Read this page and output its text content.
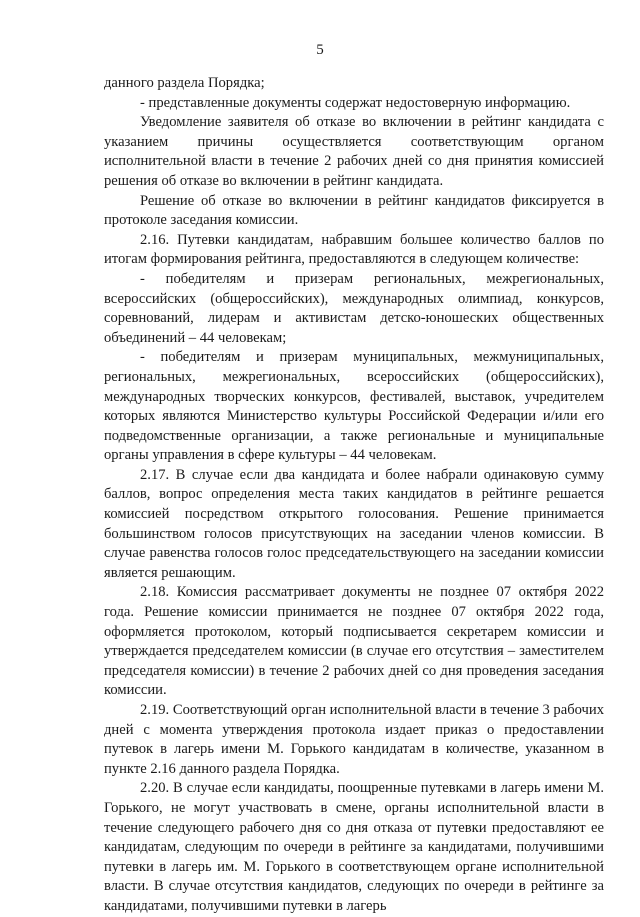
5

данного раздела Порядка;

- представленные документы содержат недостоверную информацию.

Уведомление заявителя об отказе во включении в рейтинг кандидата с указанием причины осуществляется соответствующим органом исполнительной власти в течение 2 рабочих дней со дня принятия комиссией решения об отказе во включении в рейтинг кандидата.

Решение об отказе во включении в рейтинг кандидатов фиксируется в протоколе заседания комиссии.

2.16. Путевки кандидатам, набравшим большее количество баллов по итогам формирования рейтинга, предоставляются в следующем количестве:

- победителям и призерам региональных, межрегиональных, всероссийских (общероссийских), международных олимпиад, конкурсов, соревнований, лидерам и активистам детско-юношеских общественных объединений – 44 человекам;

- победителям и призерам муниципальных, межмуниципальных, региональных, межрегиональных, всероссийских (общероссийских), международных творческих конкурсов, фестивалей, выставок, учредителем которых являются Министерство культуры Российской Федерации и/или его подведомственные организации, а также региональные и муниципальные органы управления в сфере культуры – 44 человекам.

2.17. В случае если два кандидата и более набрали одинаковую сумму баллов, вопрос определения места таких кандидатов в рейтинге решается комиссией посредством открытого голосования. Решение принимается большинством голосов присутствующих на заседании членов комиссии. В случае равенства голосов голос председательствующего на заседании комиссии является решающим.

2.18. Комиссия рассматривает документы не позднее 07 октября 2022 года. Решение комиссии принимается не позднее 07 октября 2022 года, оформляется протоколом, который подписывается секретарем комиссии и утверждается председателем комиссии (в случае его отсутствия – заместителем председателя комиссии) в течение 2 рабочих дней со дня проведения заседания комиссии.

2.19. Соответствующий орган исполнительной власти в течение 3 рабочих дней с момента утверждения протокола издает приказ о предоставлении путевок в лагерь имени М. Горького кандидатам в количестве, указанном в пункте 2.16 данного раздела Порядка.

2.20. В случае если кандидаты, поощренные путевками в лагерь имени М. Горького, не могут участвовать в смене, органы исполнительной власти в течение следующего рабочего дня со дня отказа от путевки предоставляют ее кандидатам, следующим по очереди в рейтинге за кандидатами, получившими путевки в лагерь им. М. Горького в соответствующем органе исполнительной власти. В случае отсутствия кандидатов, следующих по очереди в рейтинге за кандидатами, получившими путевки в лагерь
